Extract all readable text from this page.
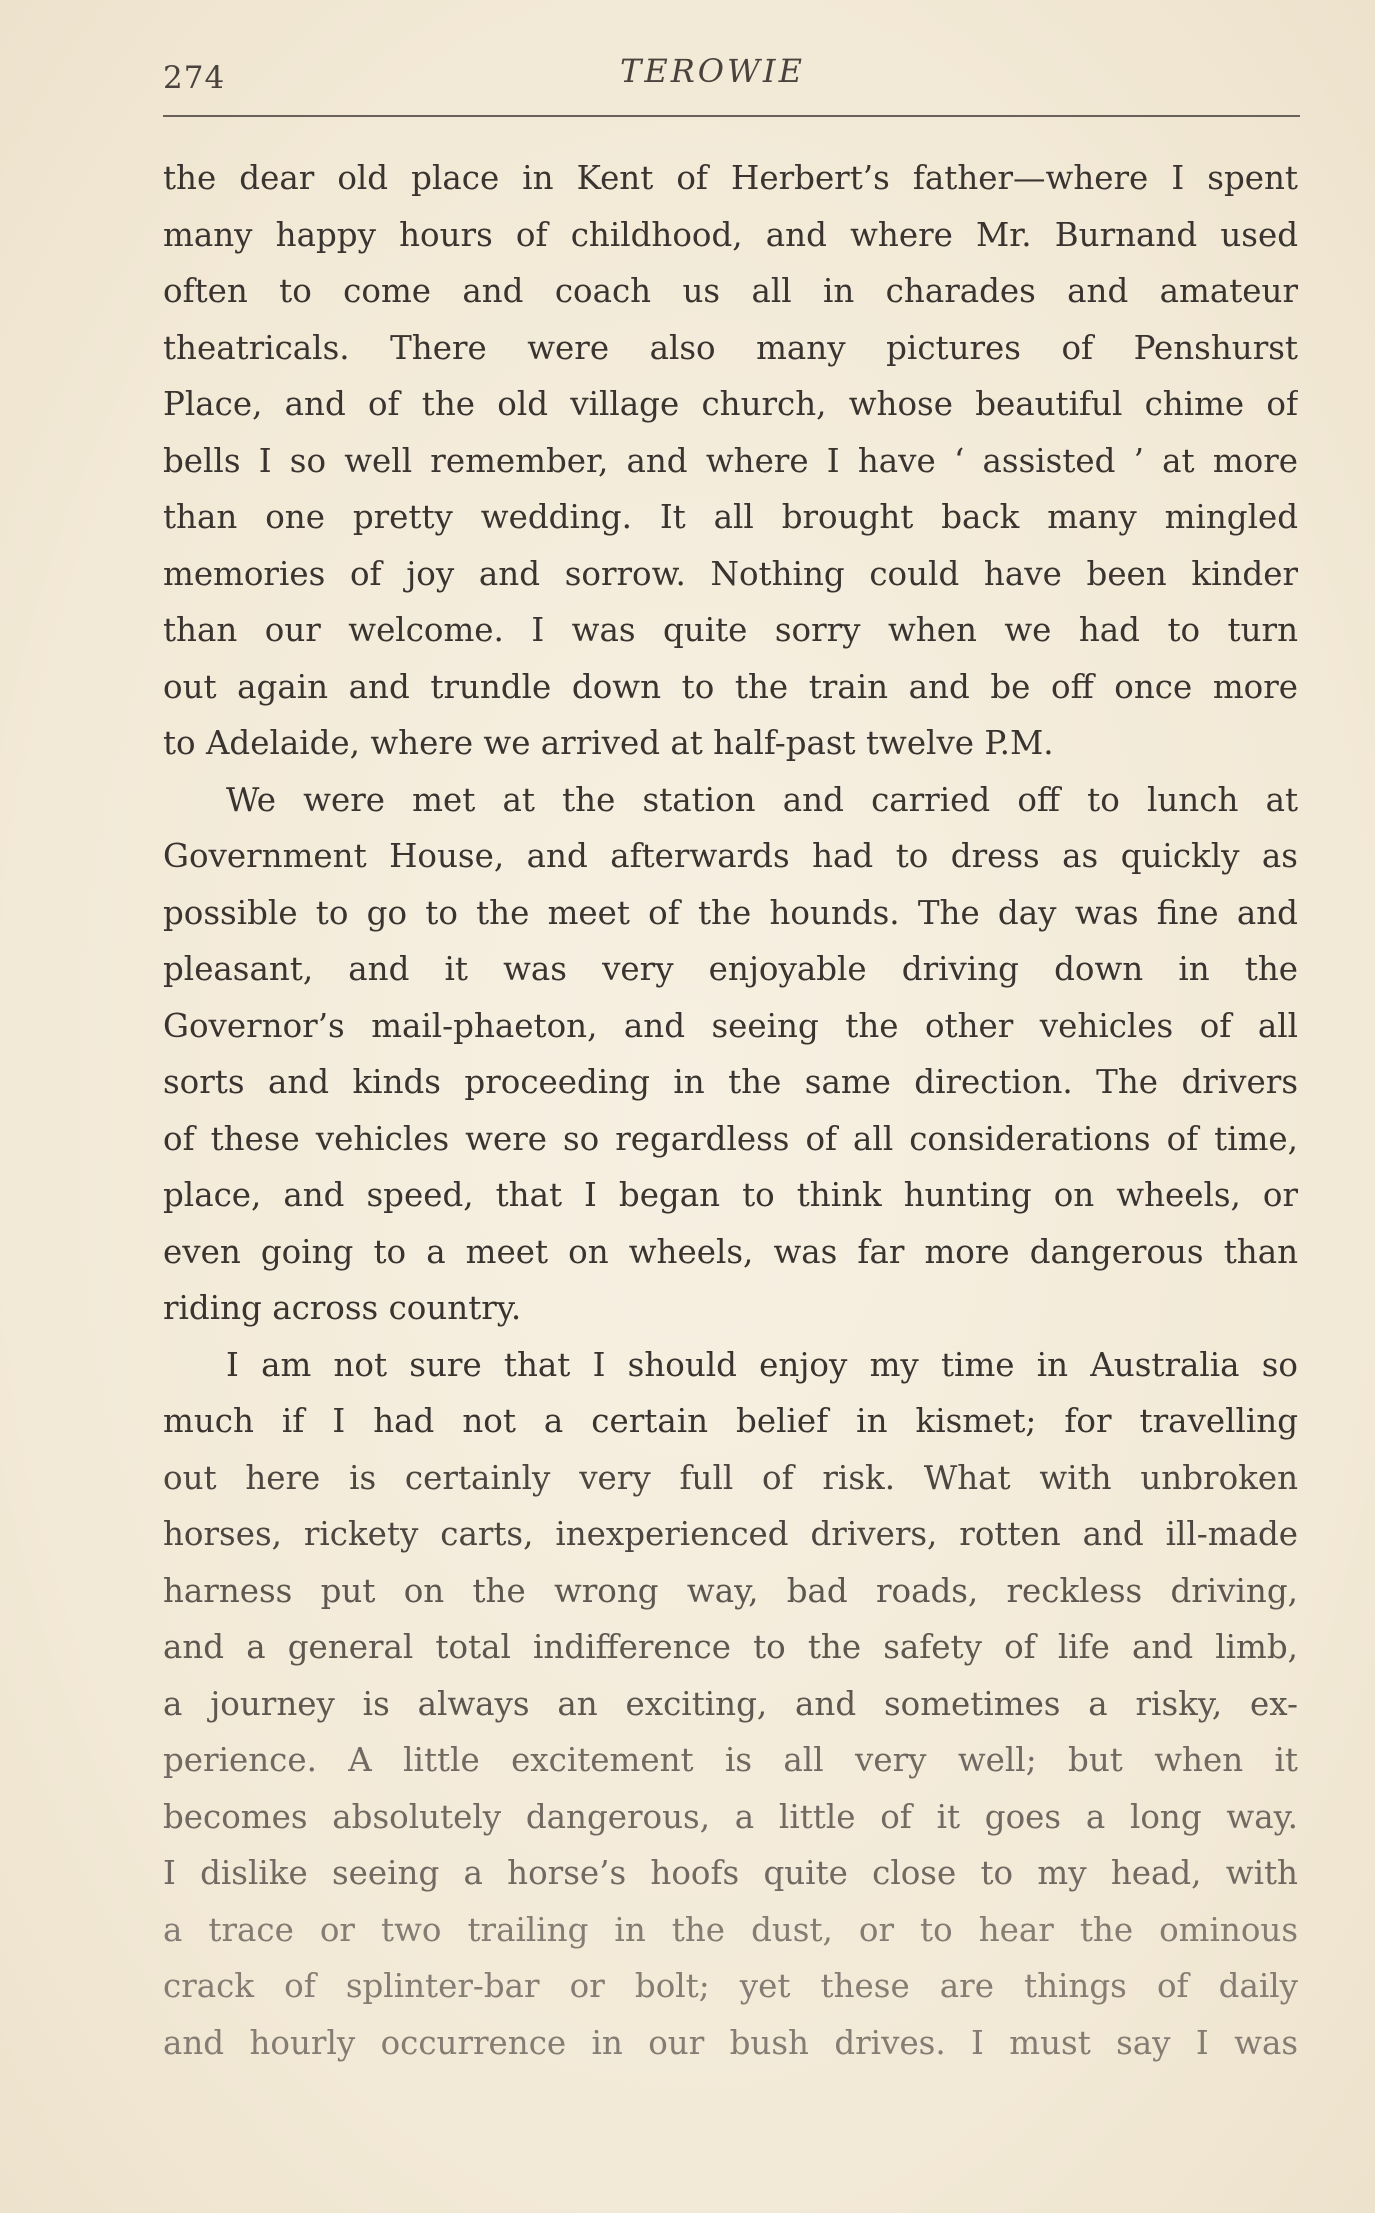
274	TEROWIE
the dear old place in Kent of Herbert’s father—where I spent
many happy hours of childhood, and where Mr. Burnand used
often to come and coach us all in charades and amateur
theatricals. There were also many pictures of Penshurst
Place, and of the old village church, whose beautiful chime of
bells I so well remember, and where I have ‘ assisted ’ at more
than one pretty wedding. It all brought back many mingled
memories of joy and sorrow. Nothing could have been kinder
than our welcome. I was quite sorry when we had to turn
out again and trundle down to the train and be off once more
to Adelaide, where we arrived at half-past twelve P.M.
We were met at the station and carried off to lunch at
Government House, and afterwards had to dress as quickly as
possible to go to the meet of the hounds. The day was fine and
pleasant, and it was very enjoyable driving down in the
Governor’s mail-phaeton, and seeing the other vehicles of all
sorts and kinds proceeding in the same direction. The drivers
of these vehicles were so regardless of all considerations of time,
place, and speed, that I began to think hunting on wheels, or
even going to a meet on wheels, was far more dangerous than
riding across country.
I am not sure that I should enjoy my time in Australia so
much if I had not a certain belief in kismet; for travelling
out here is certainly very full of risk. What with unbroken
horses, rickety carts, inexperienced drivers, rotten and ill-made
harness put on the wrong way, bad roads, reckless driving,
and a general total indifference to the safety of life and limb,
a journey is always an exciting, and sometimes a risky, ex-
perience. A little excitement is all very well; but when it
becomes absolutely dangerous, a little of it goes a long way.
I dislike seeing a horse’s hoofs quite close to my head, with
a trace or two trailing in the dust, or to hear the ominous
crack of splinter-bar or bolt; yet these are things of daily
and hourly occurrence in our bush drives. I must say I was
